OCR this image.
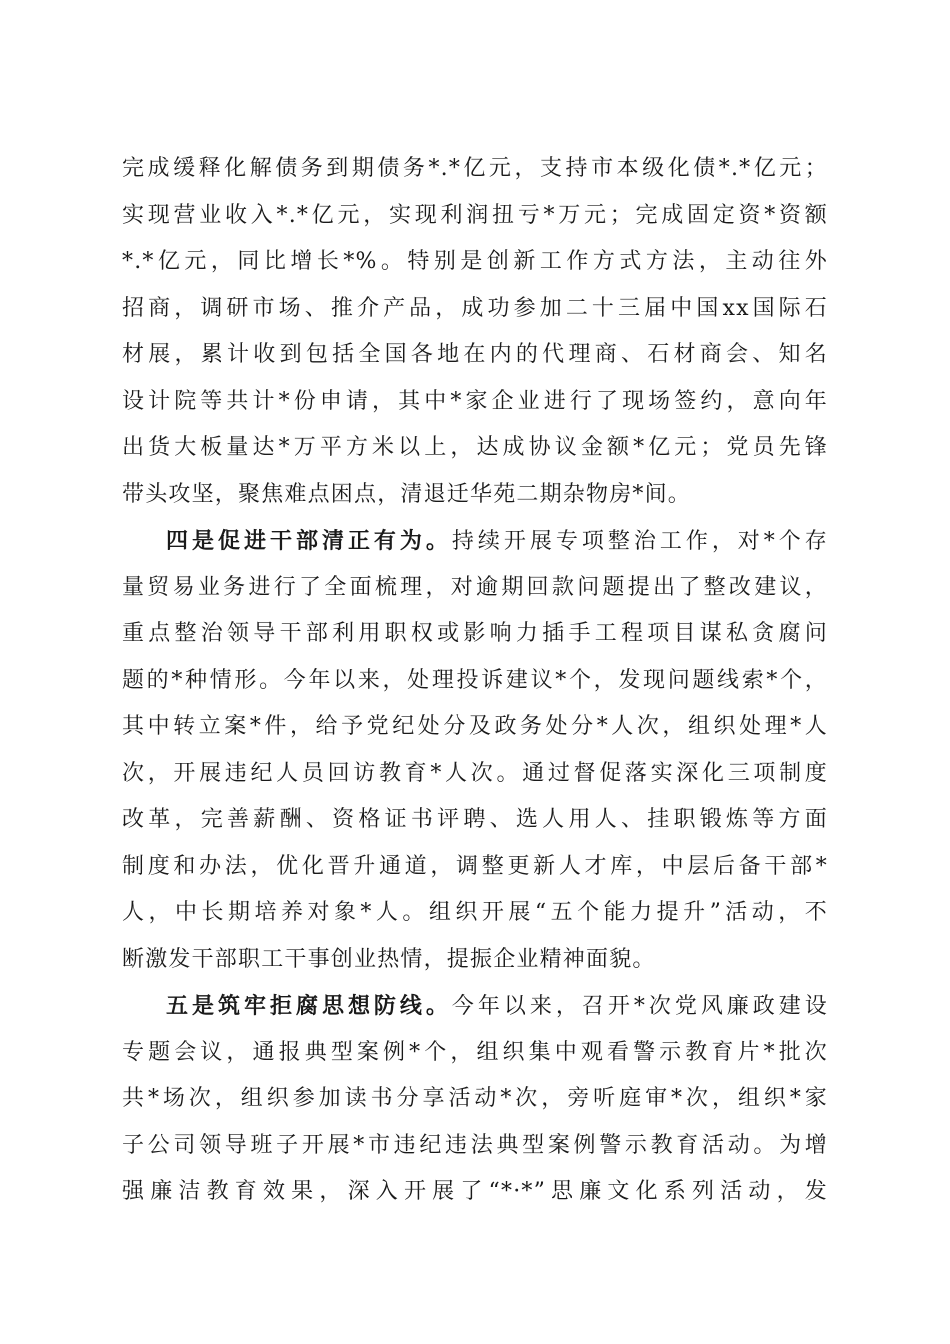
完成缓释化解债务到期债务*.*亿元，支持市本级化债*.*亿元；
实现营业收入*.*亿元，实现利润扭亏*万元；完成固定资*资额
*.*亿元，同比增长*%。特别是创新工作方式方法，主动往外
招商，调研市场、推介产品，成功参加二十三届中国xx国际石
材展，累计收到包括全国各地在内的代理商、石材商会、知名
设计院等共计*份申请，其中*家企业进行了现场签约，意向年
出货大板量达*万平方米以上，达成协议金额*亿元；党员先锋
带头攻坚，聚焦难点困点，清退迁华苑二期杂物房*间。
四是促进干部清正有为。持续开展专项整治工作，对*个存
量贸易业务进行了全面梳理，对逾期回款问题提出了整改建议，
重点整治领导干部利用职权或影响力插手工程项目谋私贪腐问
题的*种情形。今年以来，处理投诉建议*个，发现问题线索*个，
其中转立案*件，给予党纪处分及政务处分*人次，组织处理*人
次，开展违纪人员回访教育*人次。通过督促落实深化三项制度
改革，完善薪酬、资格证书评聘、选人用人、挂职锻炼等方面
制度和办法，优化晋升通道，调整更新人才库，中层后备干部*
人，中长期培养对象*人。组织开展“五个能力提升”活动，不
断激发干部职工干事创业热情，提振企业精神面貌。
五是筑牢拒腐思想防线。今年以来，召开*次党风廉政建设
专题会议，通报典型案例*个，组织集中观看警示教育片*批次
共*场次，组织参加读书分享活动*次，旁听庭审*次，组织*家
子公司领导班子开展*市违纪违法典型案例警示教育活动。为增
强廉洁教育效果，深入开展了“*·*”思廉文化系列活动，发
